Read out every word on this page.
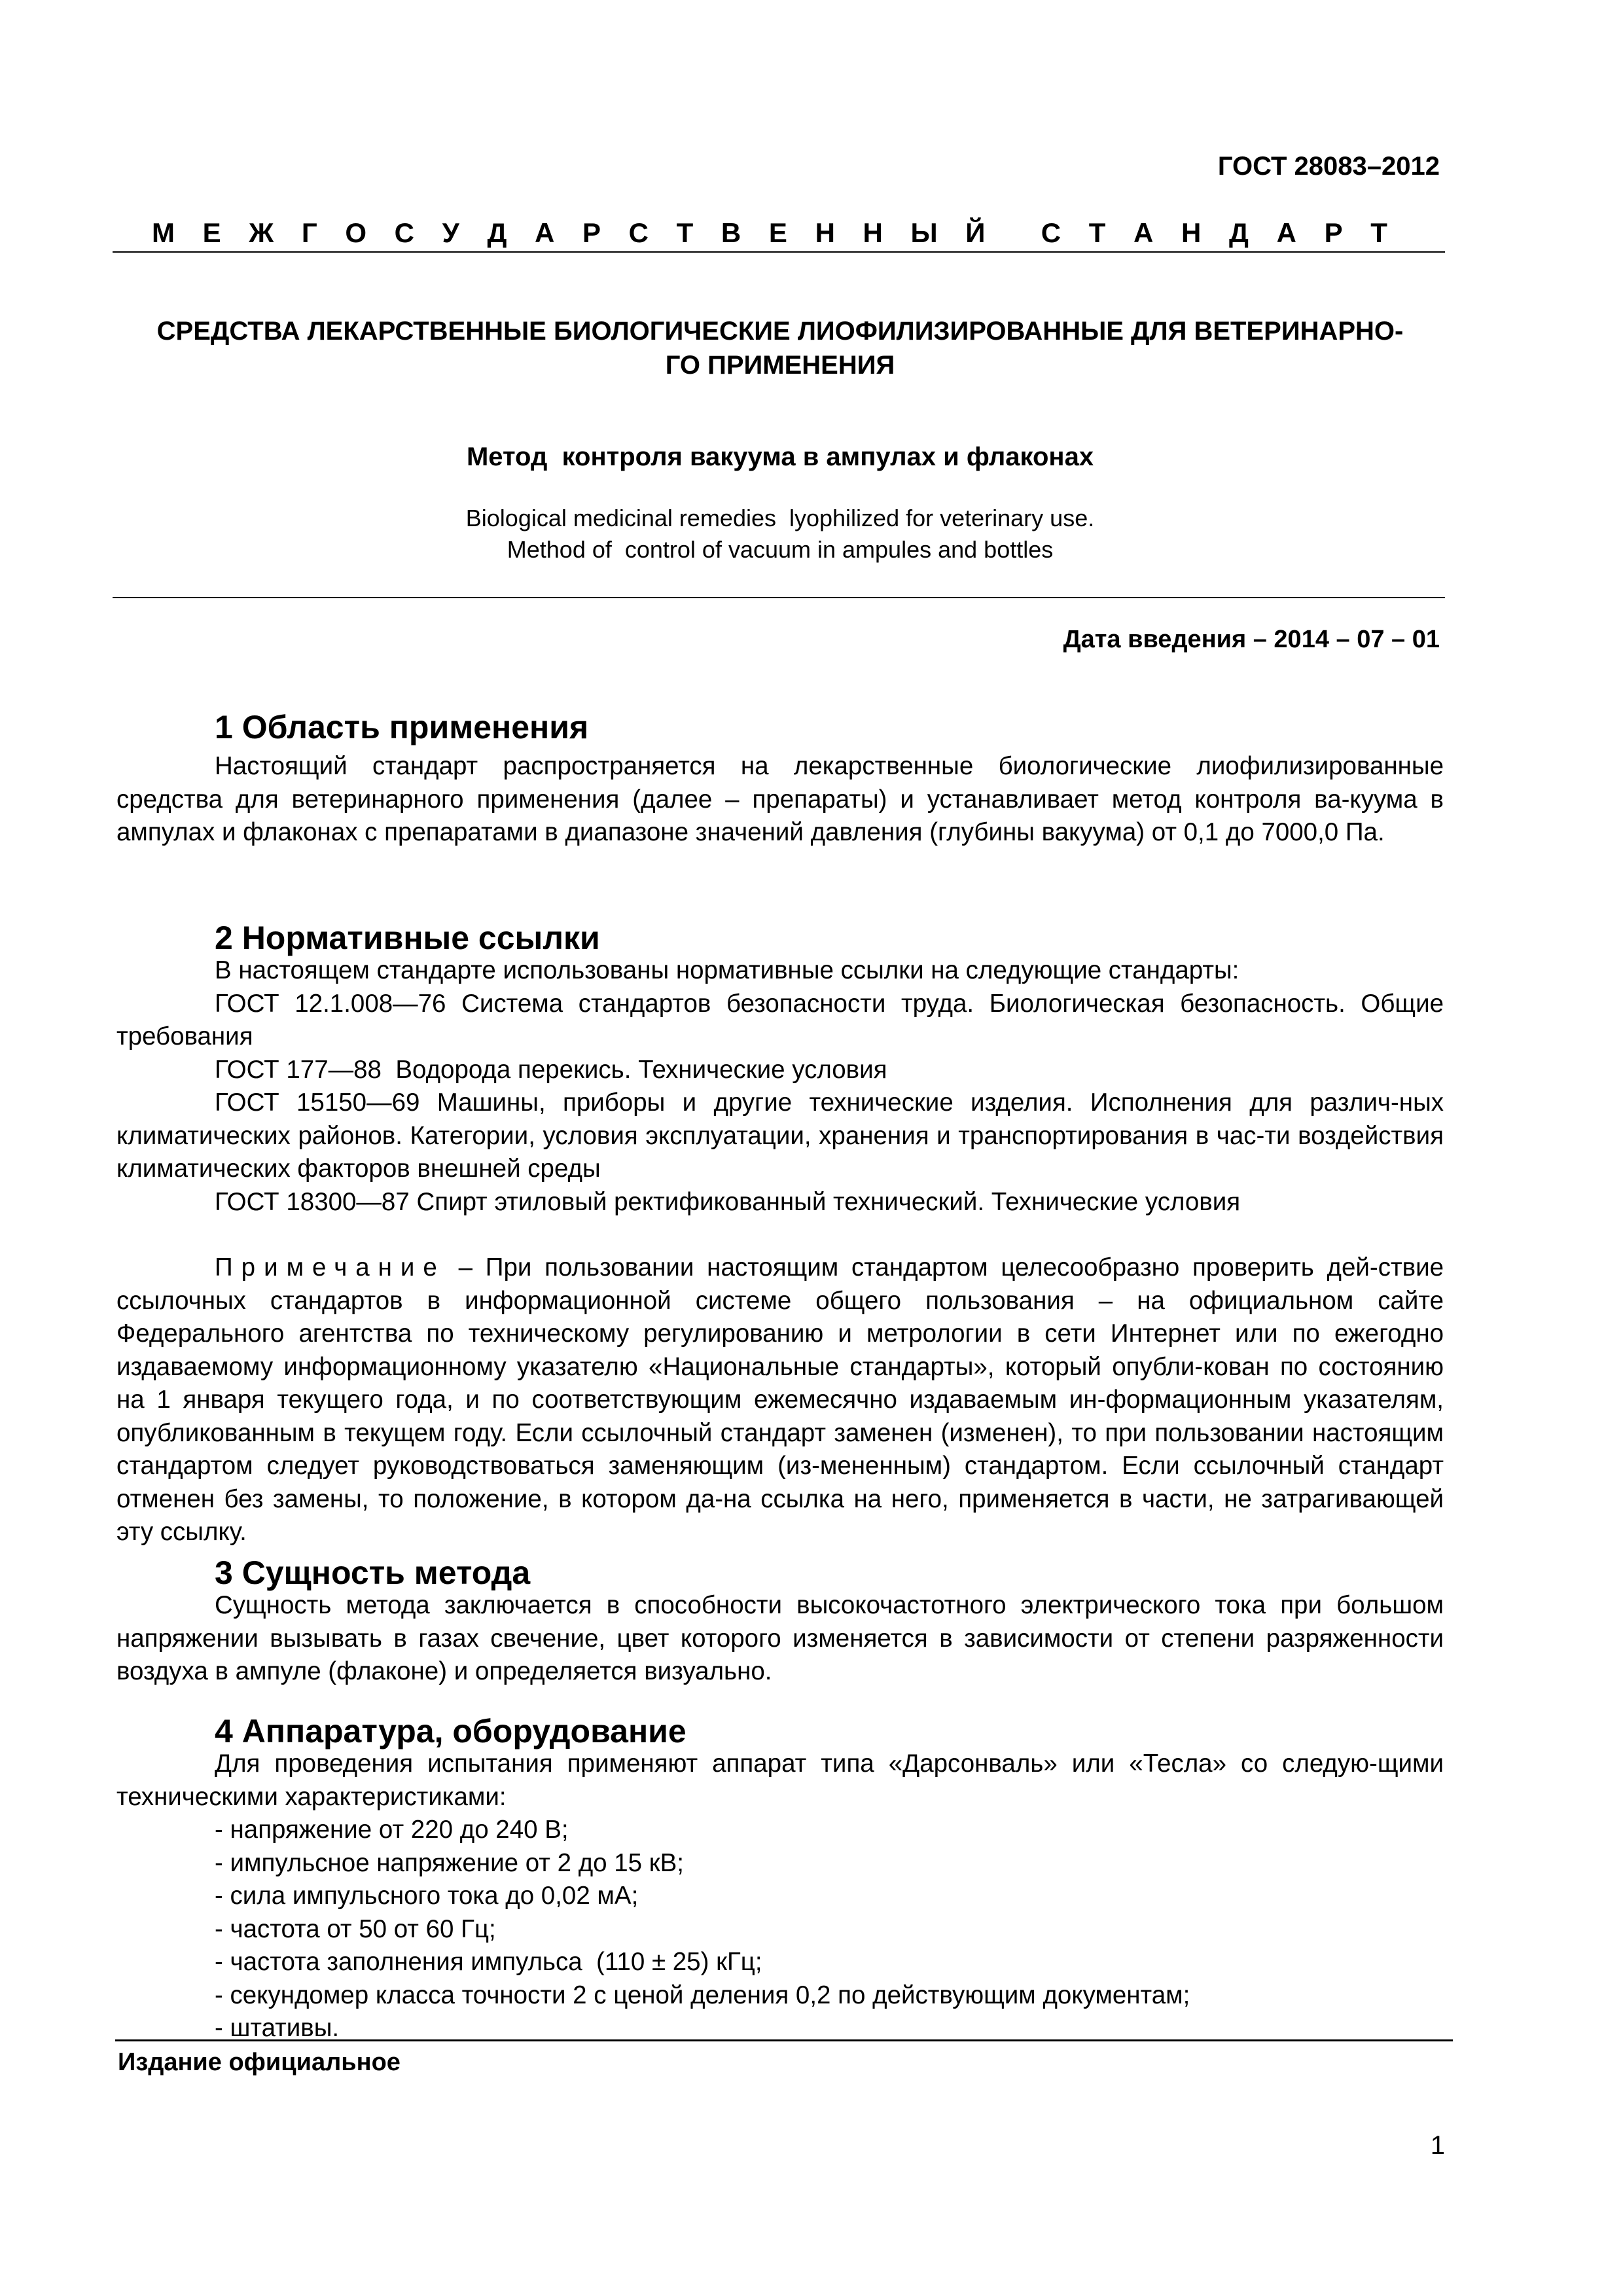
ГОСТ 28083–2012
М Е Ж Г О С У Д А Р С Т В Е Н Н Ы Й С Т А Н Д А Р Т
СРЕДСТВА ЛЕКАРСТВЕННЫЕ БИОЛОГИЧЕСКИЕ ЛИОФИЛИЗИРОВАННЫЕ ДЛЯ ВЕТЕРИНАРНО-
ГО ПРИМЕНЕНИЯ
Метод  контроля вакуума в ампулах и флаконах
Biological medicinal remedies  lyophilized for veterinary use.
Method of  control of vacuum in ampules and bottles
Дата введения – 2014 – 07 – 01
1 Область применения

Настоящий стандарт распространяется на лекарственные биологические лиофилизированные средства для ветеринарного применения (далее – препараты) и устанавливает метод контроля ва-куума в ампулах и флаконах с препаратами в диапазоне значений давления (глубины вакуума) от 0,1 до 7000,0 Па.

2 Нормативные ссылки

В настоящем стандарте использованы нормативные ссылки на следующие стандарты:

ГОСТ 12.1.008—76 Система стандартов безопасности труда. Биологическая безопасность. Общие требования

ГОСТ 177—88  Водорода перекись. Технические условия

ГОСТ 15150—69 Машины, приборы и другие технические изделия. Исполнения для различ-ных климатических районов. Категории, условия эксплуатации, хранения и транспортирования в час-ти воздействия климатических факторов внешней среды

ГОСТ 18300—87 Спирт этиловый ректификованный технический. Технические условия

Примечание – При пользовании настоящим стандартом целесообразно проверить дей-ствие ссылочных стандартов в информационной системе общего пользования – на официальном сайте Федерального агентства по техническому регулированию и метрологии в сети Интернет или по ежегодно издаваемому информационному указателю «Национальные стандарты», который опубли-кован по состоянию на 1 января текущего года, и по соответствующим ежемесячно издаваемым ин-формационным указателям, опубликованным в текущем году. Если ссылочный стандарт заменен (изменен), то при пользовании настоящим стандартом следует руководствоваться заменяющим (из-мененным) стандартом. Если ссылочный стандарт отменен без замены, то положение, в котором да-на ссылка на него, применяется в части, не затрагивающей эту ссылку.

3 Сущность метода

Сущность метода заключается в способности высокочастотного электрического тока при большом напряжении вызывать в газах свечение, цвет которого изменяется в зависимости от степени разряженности воздуха в ампуле (флаконе) и определяется визуально.

4 Аппаратура, оборудование

Для проведения испытания применяют аппарат типа «Дарсонваль» или «Тесла» со следую-щими техническими характеристиками:

- напряжение от 220 до 240 В;
- импульсное напряжение от 2 до 15 кВ;
- сила импульсного тока до 0,02 мА;
- частота от 50 от 60 Гц;
- частота заполнения импульса  (110 ± 25) кГц;
- секундомер класса точности 2 с ценой деления 0,2 по действующим документам;
- штативы.
Издание официальное
1
